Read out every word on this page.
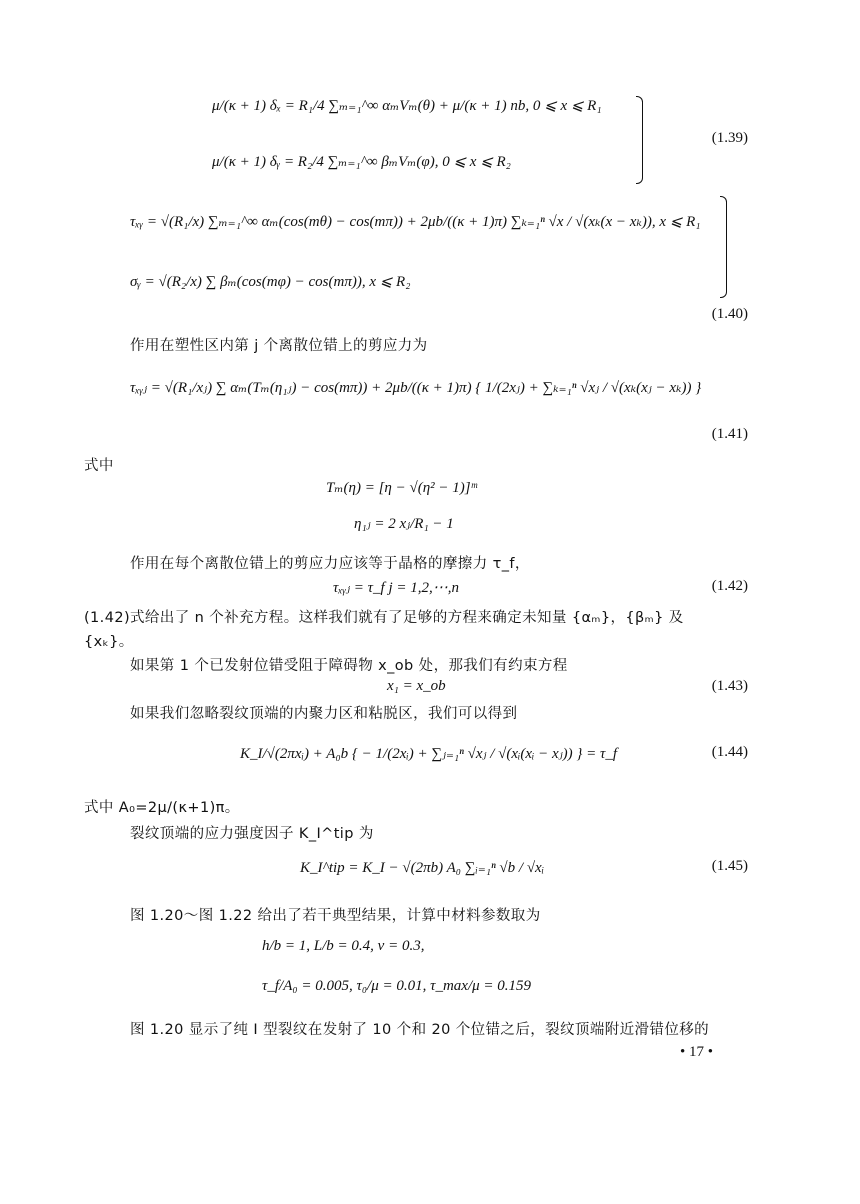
μ/(κ + 1) δₓ = R₁/4 ∑ₘ₌₁^∞ αₘVₘ(θ) + μ/(κ + 1) nb, 0 ⩽ x ⩽ R₁
μ/(κ + 1) δᵧ = R₂/4 ∑ₘ₌₁^∞ βₘVₘ(φ), 0 ⩽ x ⩽ R₂
(1.39)
τₓᵧ = √(R₁/x) ∑ₘ₌₁^∞ αₘ(cos(mθ) − cos(mπ)) + 2μb/((κ + 1)π) ∑ₖ₌₁ⁿ √x / √(xₖ(x − xₖ)), x ⩽ R₁
σᵧ = √(R₂/x) ∑ βₘ(cos(mφ) − cos(mπ)), x ⩽ R₂
(1.40)
作用在塑性区内第 j 个离散位错上的剪应力为
τₓᵧⱼ = √(R₁/xⱼ) ∑ αₘ(Tₘ(η₁ⱼ) − cos(mπ)) + 2μb/((κ + 1)π) { 1/(2xⱼ) + ∑ₖ₌₁ⁿ √xⱼ / √(xₖ(xⱼ − xₖ)) }
(1.41)
式中
Tₘ(η) = [η − √(η² − 1)]ᵐ
η₁ⱼ = 2 xⱼ/R₁ − 1
作用在每个离散位错上的剪应力应该等于晶格的摩擦力 τ_f，
τₓᵧⱼ = τ_f j = 1,2,⋯,n	(1.42)
(1.42)式给出了 n 个补充方程。这样我们就有了足够的方程来确定未知量 {αₘ}，{βₘ} 及
{xₖ}。
如果第 1 个已发射位错受阻于障碍物 x_ob 处，那我们有约束方程
x₁ = x_ob	(1.43)
如果我们忽略裂纹顶端的内聚力区和粘脱区，我们可以得到
K_I/√(2πxᵢ) + A₀b { − 1/(2xᵢ) + ∑ⱼ₌₁ⁿ √xⱼ / √(xᵢ(xᵢ − xⱼ)) } = τ_f	(1.44)
式中 A₀=2μ/(κ+1)π。
裂纹顶端的应力强度因子 K_I^tip 为
K_I^tip = K_I − √(2πb) A₀ ∑ᵢ₌₁ⁿ √b / √xᵢ	(1.45)
图 1.20～图 1.22 给出了若干典型结果，计算中材料参数取为
h/b = 1, L/b = 0.4, ν = 0.3,
τ_f/A₀ = 0.005, τ₀/μ = 0.01, τ_max/μ = 0.159
图 1.20 显示了纯 I 型裂纹在发射了 10 个和 20 个位错之后，裂纹顶端附近滑错位移的
• 17 •
